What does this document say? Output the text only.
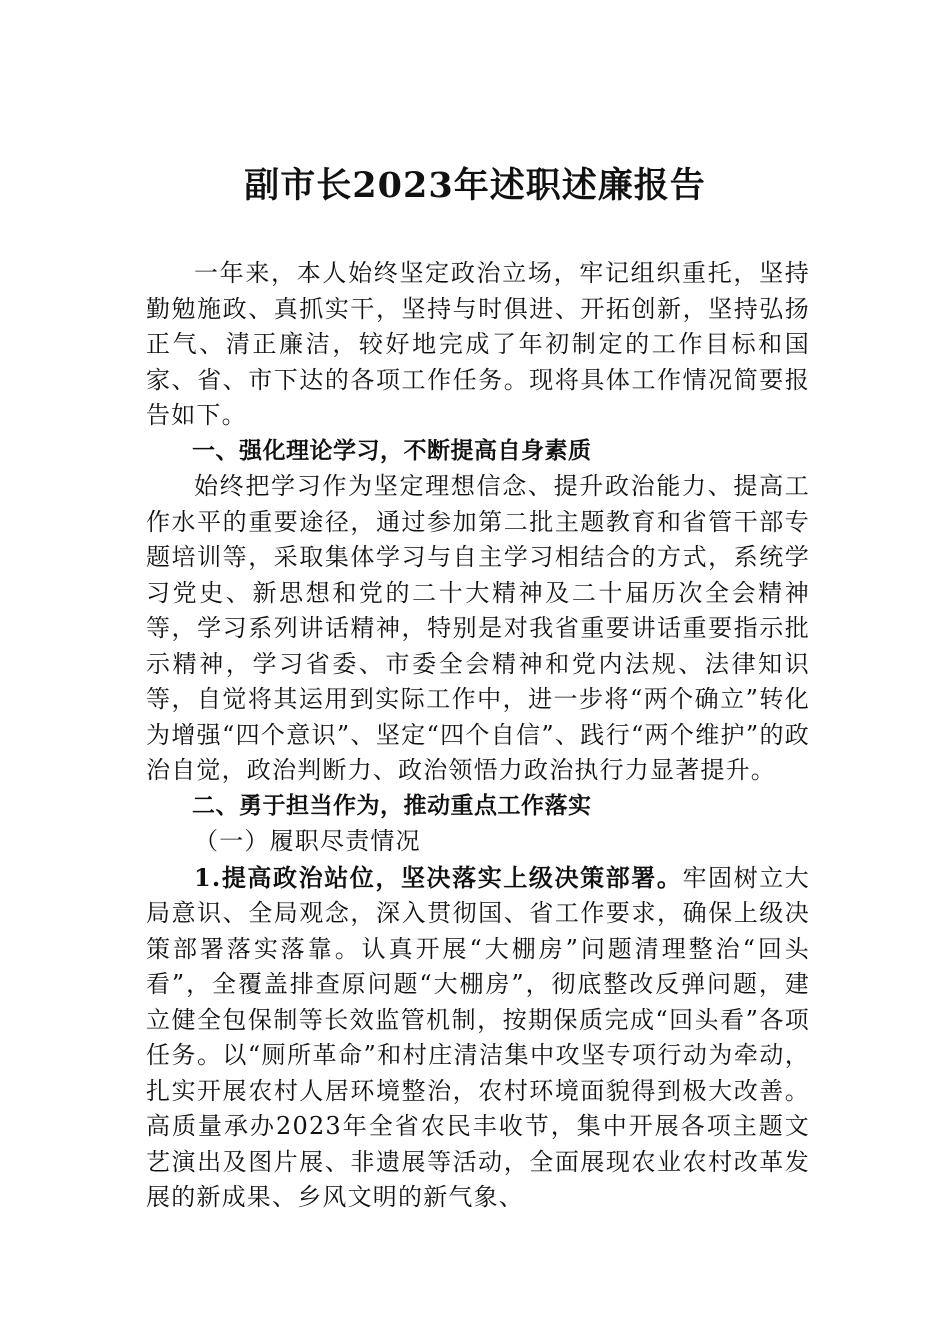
副市长2023年述职述廉报告

一年来，本人始终坚定政治立场，牢记组织重托，坚持勤勉施政、真抓实干，坚持与时俱进、开拓创新，坚持弘扬正气、清正廉洁，较好地完成了年初制定的工作目标和国家、省、市下达的各项工作任务。现将具体工作情况简要报告如下。

一、强化理论学习，不断提高自身素质

始终把学习作为坚定理想信念、提升政治能力、提高工作水平的重要途径，通过参加第二批主题教育和省管干部专题培训等，采取集体学习与自主学习相结合的方式，系统学习党史、新思想和党的二十大精神及二十届历次全会精神等，学习系列讲话精神，特别是对我省重要讲话重要指示批示精神，学习省委、市委全会精神和党内法规、法律知识等，自觉将其运用到实际工作中，进一步将“两个确立”转化为增强“四个意识”、坚定“四个自信”、践行“两个维护”的政治自觉，政治判断力、政治领悟力政治执行力显著提升。

二、勇于担当作为，推动重点工作落实

（一）履职尽责情况

1.提高政治站位，坚决落实上级决策部署。牢固树立大局意识、全局观念，深入贯彻国、省工作要求，确保上级决策部署落实落靠。认真开展“大棚房”问题清理整治“回头看”，全覆盖排查原问题“大棚房”，彻底整改反弹问题，建立健全包保制等长效监管机制，按期保质完成“回头看”各项任务。以“厕所革命”和村庄清洁集中攻坚专项行动为牵动，扎实开展农村人居环境整治，农村环境面貌得到极大改善。高质量承办2023年全省农民丰收节，集中开展各项主题文艺演出及图片展、非遗展等活动，全面展现农业农村改革发展的新成果、乡风文明的新气象、
